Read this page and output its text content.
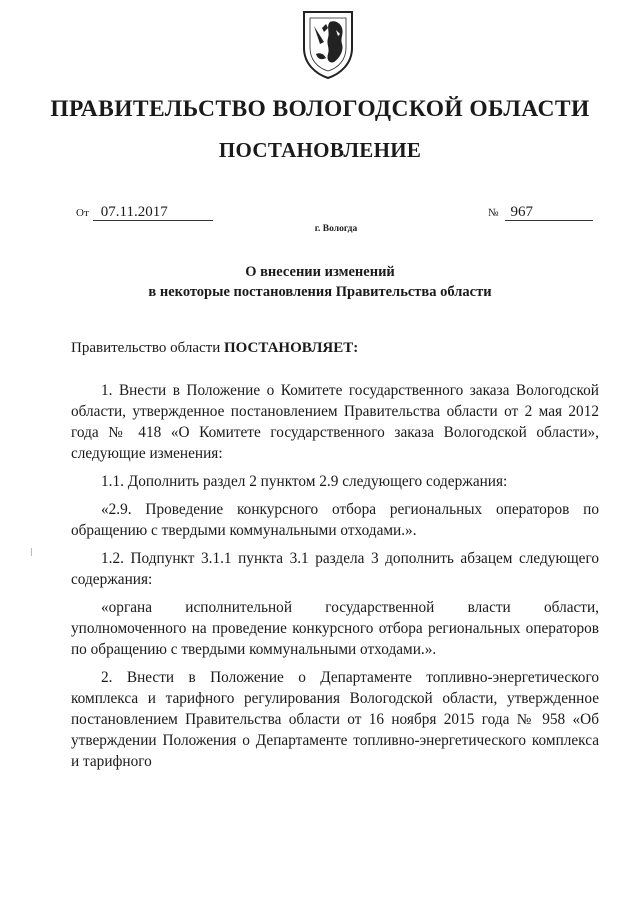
ПРАВИТЕЛЬСТВО ВОЛОГОДСКОЙ ОБЛАСТИ
ПОСТАНОВЛЕНИЕ
От 07.11.2017	№ 967
г. Вологда
О внесении изменений
в некоторые постановления Правительства области
Правительство области ПОСТАНОВЛЯЕТ:

1. Внести в Положение о Комитете государственного заказа Вологодской области, утвержденное постановлением Правительства области от 2 мая 2012 года № 418 «О Комитете государственного заказа Вологодской области», следующие изменения:

1.1. Дополнить раздел 2 пунктом 2.9 следующего содержания:

«2.9. Проведение конкурсного отбора региональных операторов по обращению с твердыми коммунальными отходами.».

1.2. Подпункт 3.1.1 пункта 3.1 раздела 3 дополнить абзацем следующего содержания:

«органа исполнительной государственной власти области, уполномоченного на проведение конкурсного отбора региональных операторов по обращению с твердыми коммунальными отходами.».

2. Внести в Положение о Департаменте топливно-энергетического комплекса и тарифного регулирования Вологодской области, утвержденное постановлением Правительства области от 16 ноября 2015 года № 958 «Об утверждении Положения о Департаменте топливно-энергетического комплекса и тарифного
